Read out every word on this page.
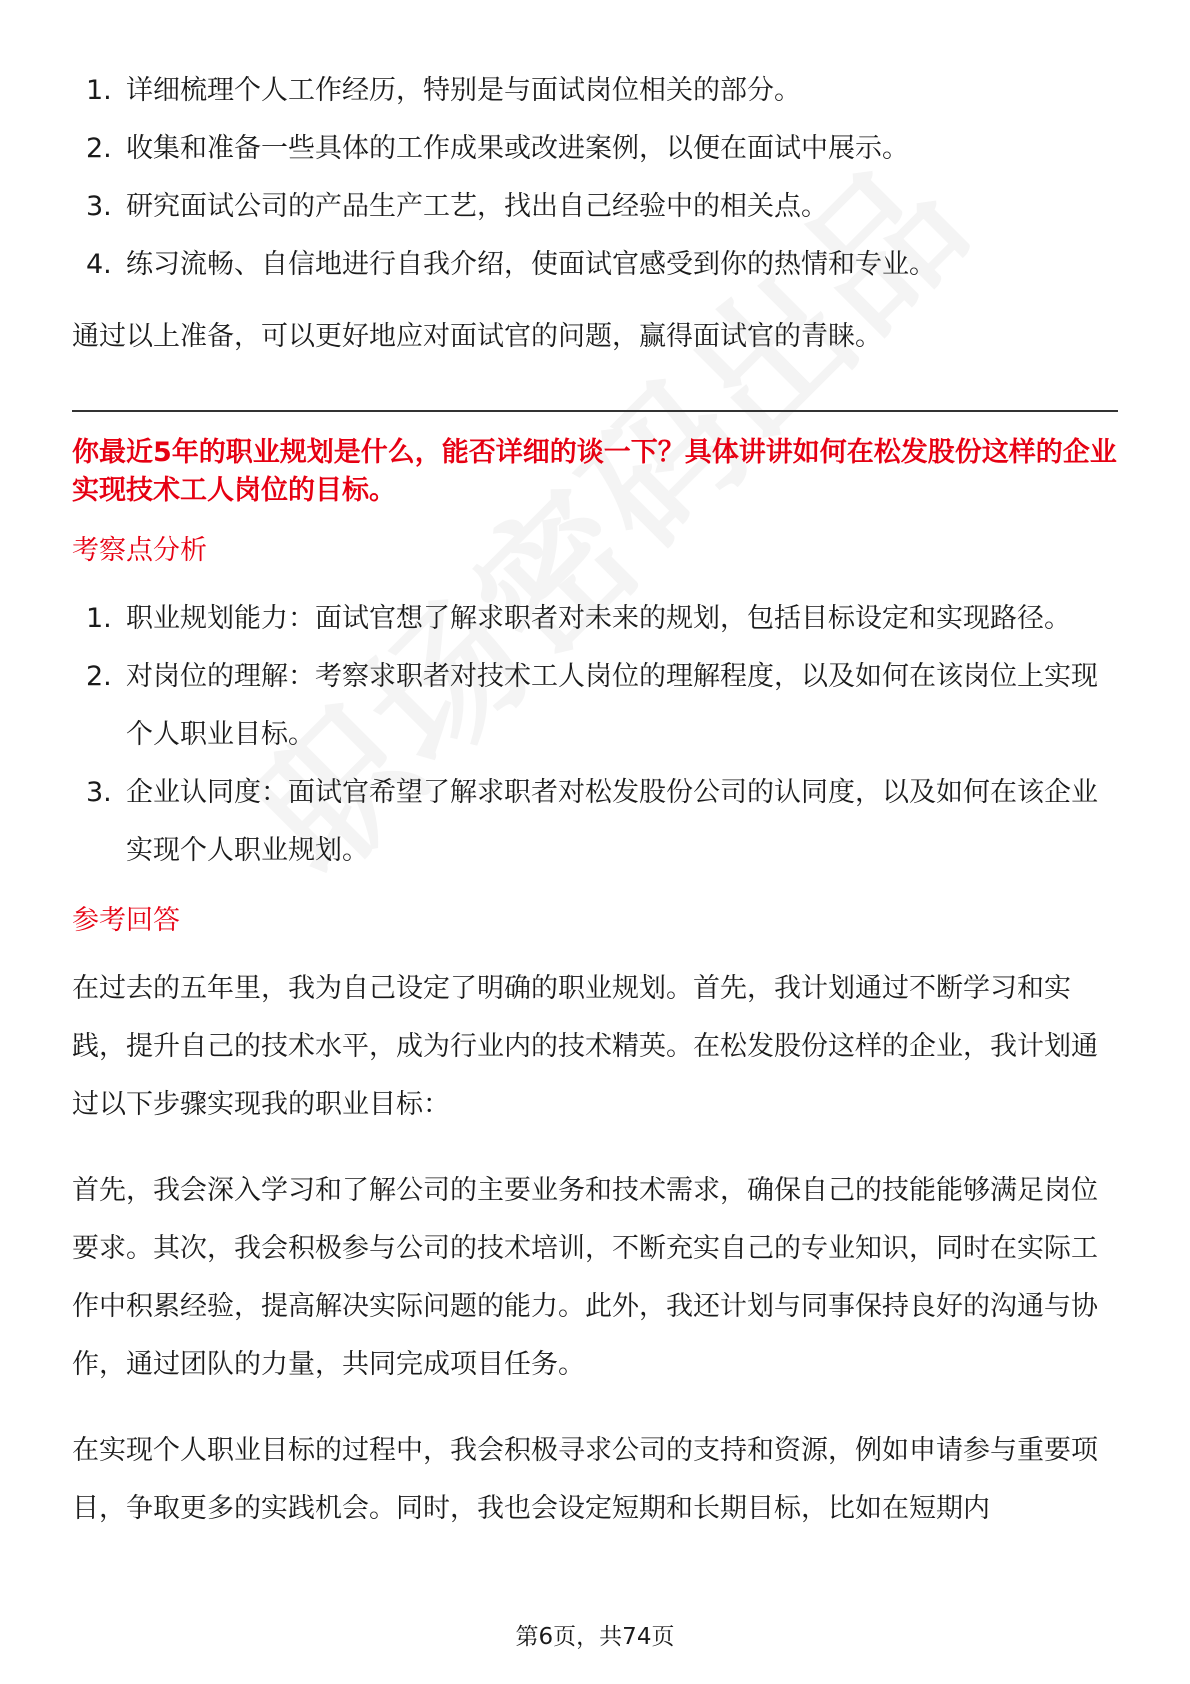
1. 详细梳理个人工作经历，特别是与面试岗位相关的部分。
2. 收集和准备一些具体的工作成果或改进案例，以便在面试中展示。
3. 研究面试公司的产品生产工艺，找出自己经验中的相关点。
4. 练习流畅、自信地进行自我介绍，使面试官感受到你的热情和专业。

通过以上准备，可以更好地应对面试官的问题，赢得面试官的青睐。

你最近5年的职业规划是什么，能否详细的谈一下？具体讲讲如何在松发股份这样的企业实现技术工人岗位的目标。

考察点分析
1. 职业规划能力：面试官想了解求职者对未来的规划，包括目标设定和实现路径。
2. 对岗位的理解：考察求职者对技术工人岗位的理解程度，以及如何在该岗位上实现个人职业目标。
3. 企业认同度：面试官希望了解求职者对松发股份公司的认同度，以及如何在该企业实现个人职业规划。
参考回答

在过去的五年里，我为自己设定了明确的职业规划。首先，我计划通过不断学习和实践，提升自己的技术水平，成为行业内的技术精英。在松发股份这样的企业，我计划通过以下步骤实现我的职业目标：

首先，我会深入学习和了解公司的主要业务和技术需求，确保自己的技能能够满足岗位要求。其次，我会积极参与公司的技术培训，不断充实自己的专业知识，同时在实际工作中积累经验，提高解决实际问题的能力。此外，我还计划与同事保持良好的沟通与协作，通过团队的力量，共同完成项目任务。

在实现个人职业目标的过程中，我会积极寻求公司的支持和资源，例如申请参与重要项目，争取更多的实践机会。同时，我也会设定短期和长期目标，比如在短期内

第6页，共74页
